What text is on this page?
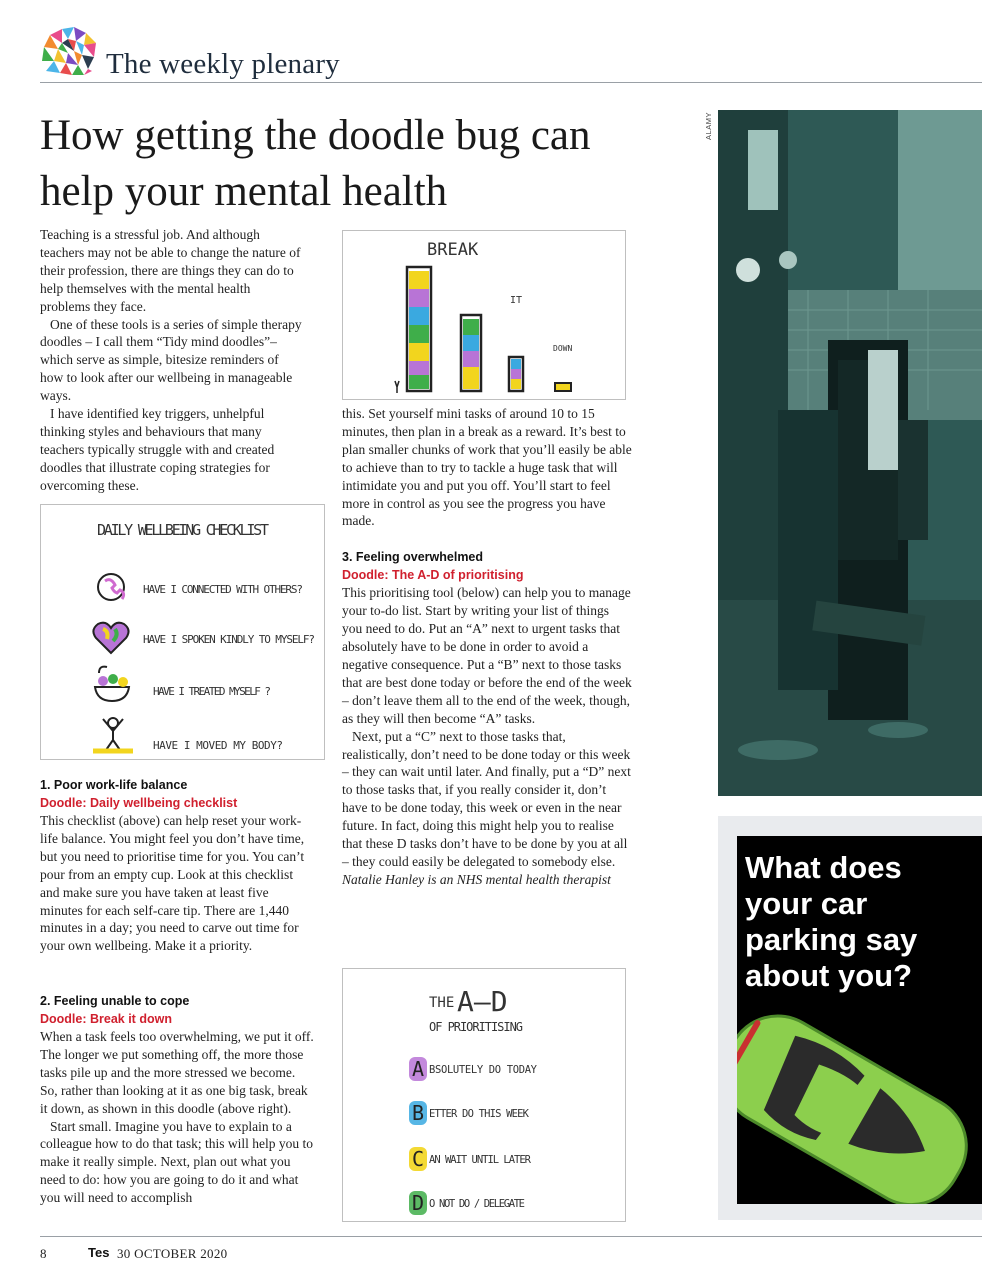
The weekly plenary
How getting the doodle bug can help your mental health

Teaching is a stressful job. And although teachers may not be able to change the nature of their profession, there are things they can do to help themselves with the mental health problems they face.

One of these tools is a series of simple therapy doodles – I call them “Tidy mind doodles”– which serve as simple, bitesize reminders of how to look after our wellbeing in manageable ways.

I have identified key triggers, unhelpful thinking styles and behaviours that many teachers typically struggle with and created doodles that illustrate coping strategies for overcoming these.

DAILY WELLBEING CHECKLIST
HAVE I CONNECTED WITH OTHERS?
HAVE I SPOKEN KINDLY TO MYSELF?
HAVE I TREATED MYSELF ?
HAVE I MOVED MY BODY?
1. Poor work-life balance
Doodle: Daily wellbeing checklist

This checklist (above) can help reset your work-life balance. You might feel you don’t have time, but you need to prioritise time for you. You can’t pour from an empty cup. Look at this checklist and make sure you have taken at least five minutes for each self-care tip. There are 1,440 minutes in a day; you need to carve out time for your own wellbeing. Make it a priority.

2. Feeling unable to cope
Doodle: Break it down

When a task feels too overwhelming, we put it off. The longer we put something off, the more those tasks pile up and the more stressed we become. So, rather than looking at it as one big task, break it down, as shown in this doodle (above right).

Start small. Imagine you have to explain to a colleague how to do that task; this will help you to make it really simple. Next, plan out what you need to do: how you are going to do it and what you will need to accomplish

BREAK
IT
DOWN

this. Set yourself mini tasks of around 10 to 15 minutes, then plan in a break as a reward. It’s best to plan smaller chunks of work that you’ll easily be able to achieve than to try to tackle a huge task that will intimidate you and put you off. You’ll start to feel more in control as you see the progress you have made.

3. Feeling overwhelmed
Doodle: The A-D of prioritising

This prioritising tool (below) can help you to manage your to-do list. Start by writing your list of things you need to do. Put an “A” next to urgent tasks that absolutely have to be done in order to avoid a negative consequence. Put a “B” next to those tasks that are best done today or before the end of the week – don’t leave them all to the end of the week, though, as they will then become “A” tasks.

Next, put a “C” next to those tasks that, realistically, don’t need to be done today or this week – they can wait until later. And finally, put a “D” next to those tasks that, if you really consider it, don’t have to be done today, this week or even in the near future. In fact, doing this might help you to realise that these D tasks don’t have to be done by you at all – they could easily be delegated to somebody else.

Natalie Hanley is an NHS mental health therapist

THE A—D
OF PRIORITISING
A BSOLUTELY DO TODAY
B ETTER DO THIS WEEK
C AN WAIT UNTIL LATER
D O NOT DO / DELEGATE
ALAMY
What does your car parking say about you?
8	Tes 30 OCTOBER 2020
